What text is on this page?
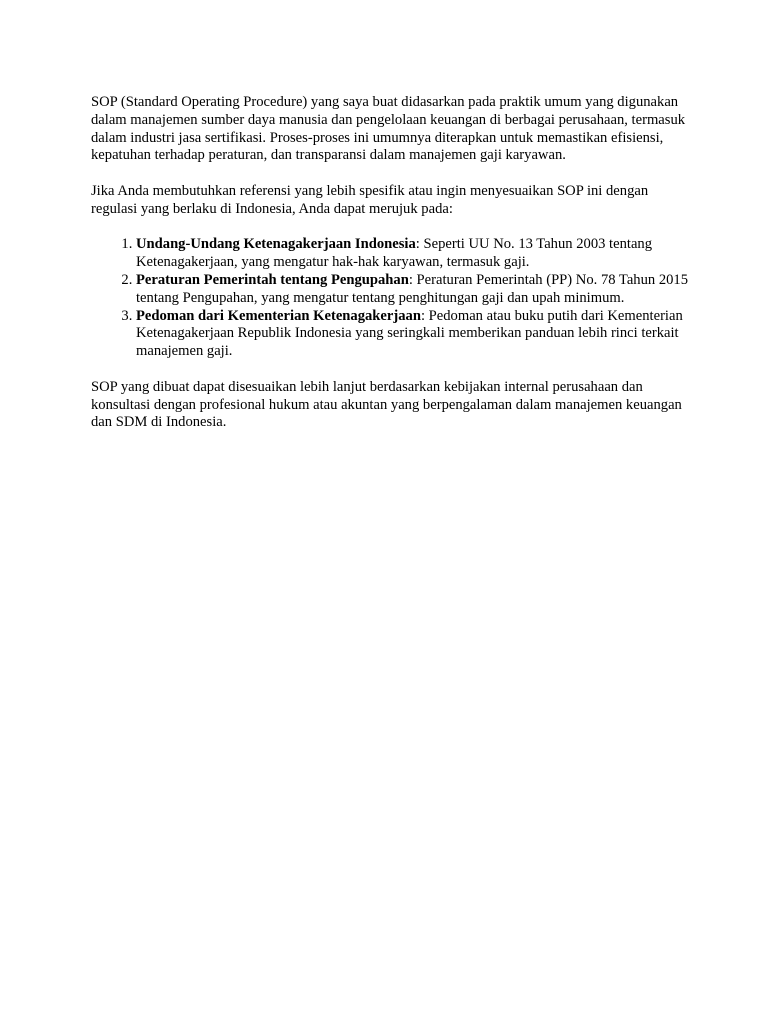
SOP (Standard Operating Procedure) yang saya buat didasarkan pada praktik umum yang digunakan dalam manajemen sumber daya manusia dan pengelolaan keuangan di berbagai perusahaan, termasuk dalam industri jasa sertifikasi. Proses-proses ini umumnya diterapkan untuk memastikan efisiensi, kepatuhan terhadap peraturan, dan transparansi dalam manajemen gaji karyawan.

Jika Anda membutuhkan referensi yang lebih spesifik atau ingin menyesuaikan SOP ini dengan regulasi yang berlaku di Indonesia, Anda dapat merujuk pada:

1. Undang-Undang Ketenagakerjaan Indonesia: Seperti UU No. 13 Tahun 2003 tentang Ketenagakerjaan, yang mengatur hak-hak karyawan, termasuk gaji.
2. Peraturan Pemerintah tentang Pengupahan: Peraturan Pemerintah (PP) No. 78 Tahun 2015 tentang Pengupahan, yang mengatur tentang penghitungan gaji dan upah minimum.
3. Pedoman dari Kementerian Ketenagakerjaan: Pedoman atau buku putih dari Kementerian Ketenagakerjaan Republik Indonesia yang seringkali memberikan panduan lebih rinci terkait manajemen gaji.

SOP yang dibuat dapat disesuaikan lebih lanjut berdasarkan kebijakan internal perusahaan dan konsultasi dengan profesional hukum atau akuntan yang berpengalaman dalam manajemen keuangan dan SDM di Indonesia.
